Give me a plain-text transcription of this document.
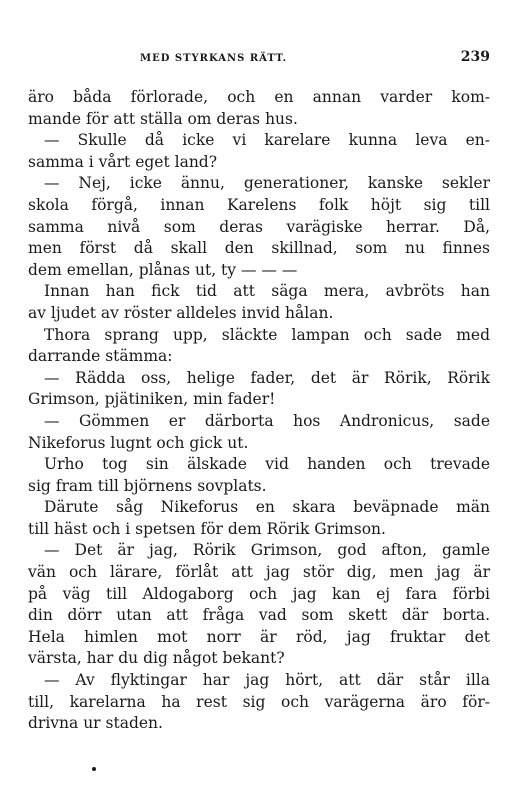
MED STYRKANS RÄTT.	239
äro båda förlorade, och en annan varder kom-
mande för att ställa om deras hus.
— Skulle då icke vi karelare kunna leva en-
samma i vårt eget land?
— Nej, icke ännu, generationer, kanske sekler
skola förgå, innan Karelens folk höjt sig till
samma nivå som deras varägiske herrar. Då,
men först då skall den skillnad, som nu finnes
dem emellan, plånas ut, ty — — —
Innan han fick tid att säga mera, avbröts han
av ljudet av röster alldeles invid hålan.
Thora sprang upp, släckte lampan och sade med
darrande stämma:
— Rädda oss, helige fader, det är Rörik, Rörik
Grimson, pjätiniken, min fader!
— Gömmen er därborta hos Andronicus, sade
Nikeforus lugnt och gick ut.
Urho tog sin älskade vid handen och trevade
sig fram till björnens sovplats.
Därute såg Nikeforus en skara beväpnade män
till häst och i spetsen för dem Rörik Grimson.
— Det är jag, Rörik Grimson, god afton, gamle
vän och lärare, förlåt att jag stör dig, men jag är
på väg till Aldogaborg och jag kan ej fara förbi
din dörr utan att fråga vad som skett där borta.
Hela himlen mot norr är röd, jag fruktar det
värsta, har du dig något bekant?
— Av flyktingar har jag hört, att där står illa
till, karelarna ha rest sig och varägerna äro för-
drivna ur staden.
